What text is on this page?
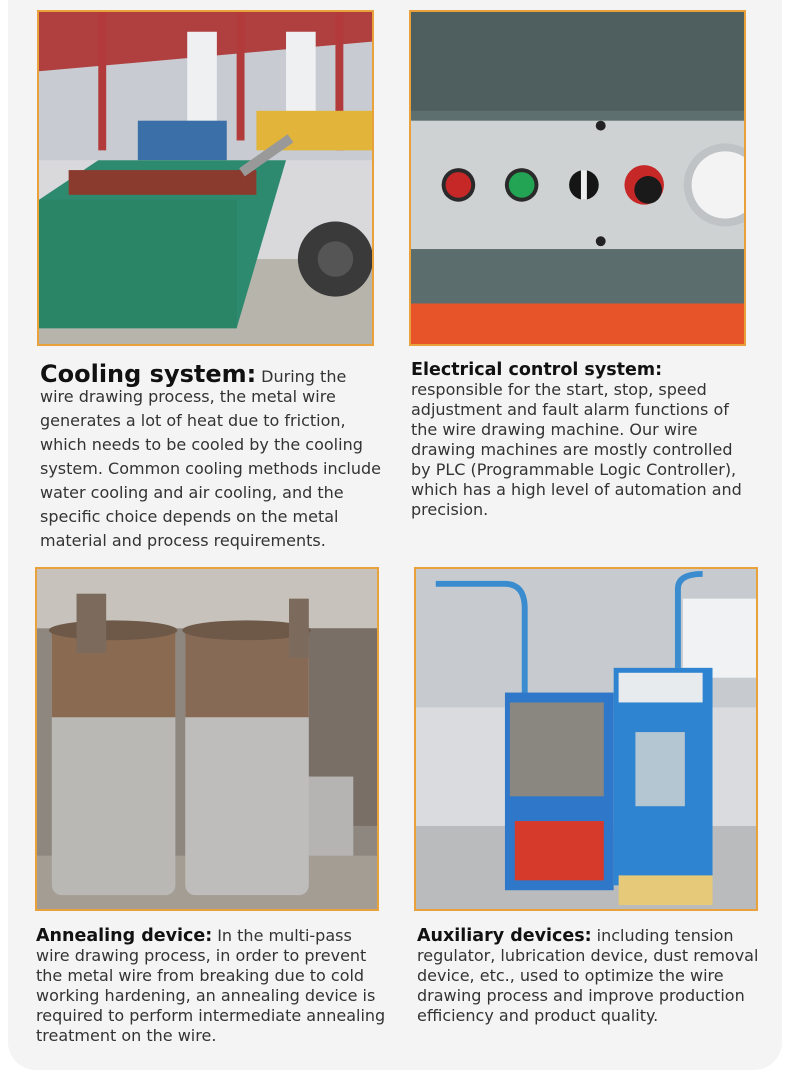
Cooling system: During the
wire drawing process, the metal wire generates a lot of heat due to friction, which needs to be cooled by the cooling system. Common cooling methods include water cooling and air cooling, and the specific choice depends on the metal material and process requirements.
Electrical control system:
responsible for the start, stop, speed adjustment and fault alarm functions of the wire drawing machine. Our wire drawing machines are mostly controlled by PLC (Programmable Logic Controller), which has a high level of automation and precision.
Annealing device: In the multi-pass
wire drawing process, in order to prevent the metal wire from breaking due to cold working hardening, an annealing device is required to perform intermediate annealing treatment on the wire.
Auxiliary devices: including tension
regulator, lubrication device, dust removal device, etc., used to optimize the wire drawing process and improve production efficiency and product quality.
